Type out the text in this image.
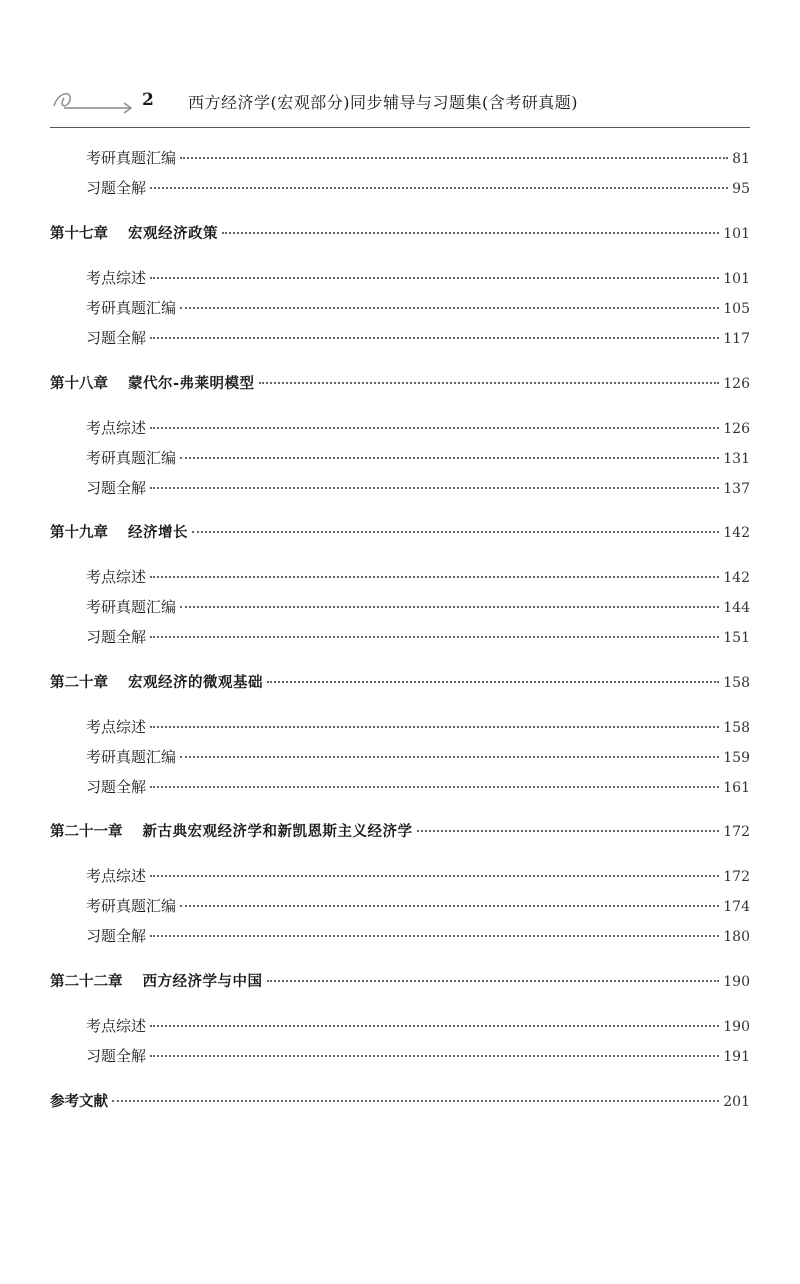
2 西方经济学(宏观部分)同步辅导与习题集(含考研真题)
考研真题汇编	81
习题全解	95
第十七章 宏观经济政策	101
考点综述	101
考研真题汇编	105
习题全解	117
第十八章 蒙代尔-弗莱明模型	126
考点综述	126
考研真题汇编	131
习题全解	137
第十九章 经济增长	142
考点综述	142
考研真题汇编	144
习题全解	151
第二十章 宏观经济的微观基础	158
考点综述	158
考研真题汇编	159
习题全解	161
第二十一章 新古典宏观经济学和新凯恩斯主义经济学	172
考点综述	172
考研真题汇编	174
习题全解	180
第二十二章 西方经济学与中国	190
考点综述	190
习题全解	191
参考文献	201
